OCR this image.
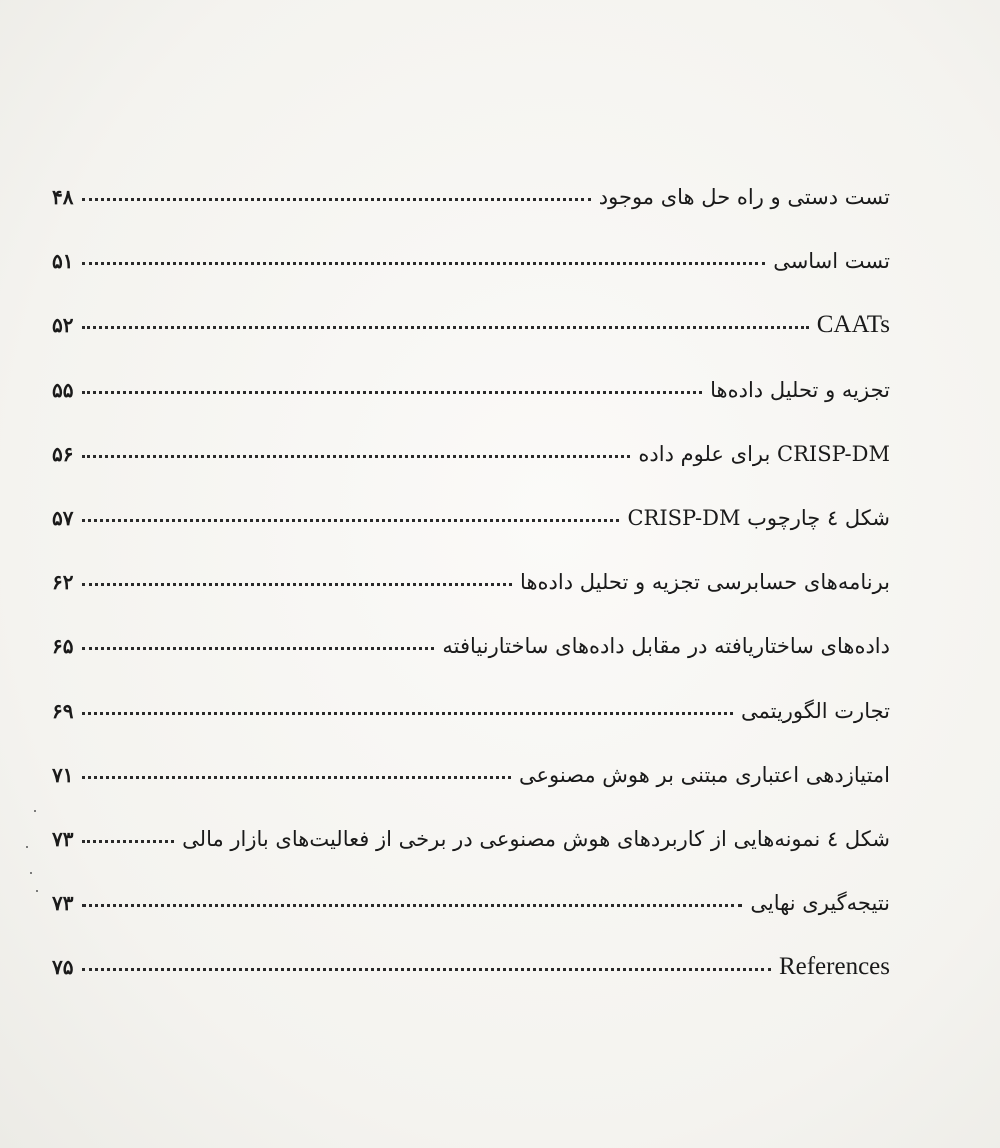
تست دستی و راه حل های موجود
۴۸
تست اساسی
۵۱
CAATs
۵۲
تجزیه و تحلیل داده‌ها
۵۵
CRISP-DM برای علوم داده
۵۶
شکل ٤ چارچوب CRISP-DM
۵۷
برنامه‌های حسابرسی تجزیه و تحلیل داده‌ها
۶۲
داده‌های ساختاریافته در مقابل داده‌های ساختارنیافته
۶۵
تجارت الگوریتمی
۶۹
امتیازدهی اعتباری مبتنی بر هوش مصنوعی
۷۱
شکل ٤ نمونه‌هایی از کاربردهای هوش مصنوعی در برخی از فعالیت‌های بازار مالی
۷۳
نتیجه‌گیری نهایی
۷۳
References
۷۵
